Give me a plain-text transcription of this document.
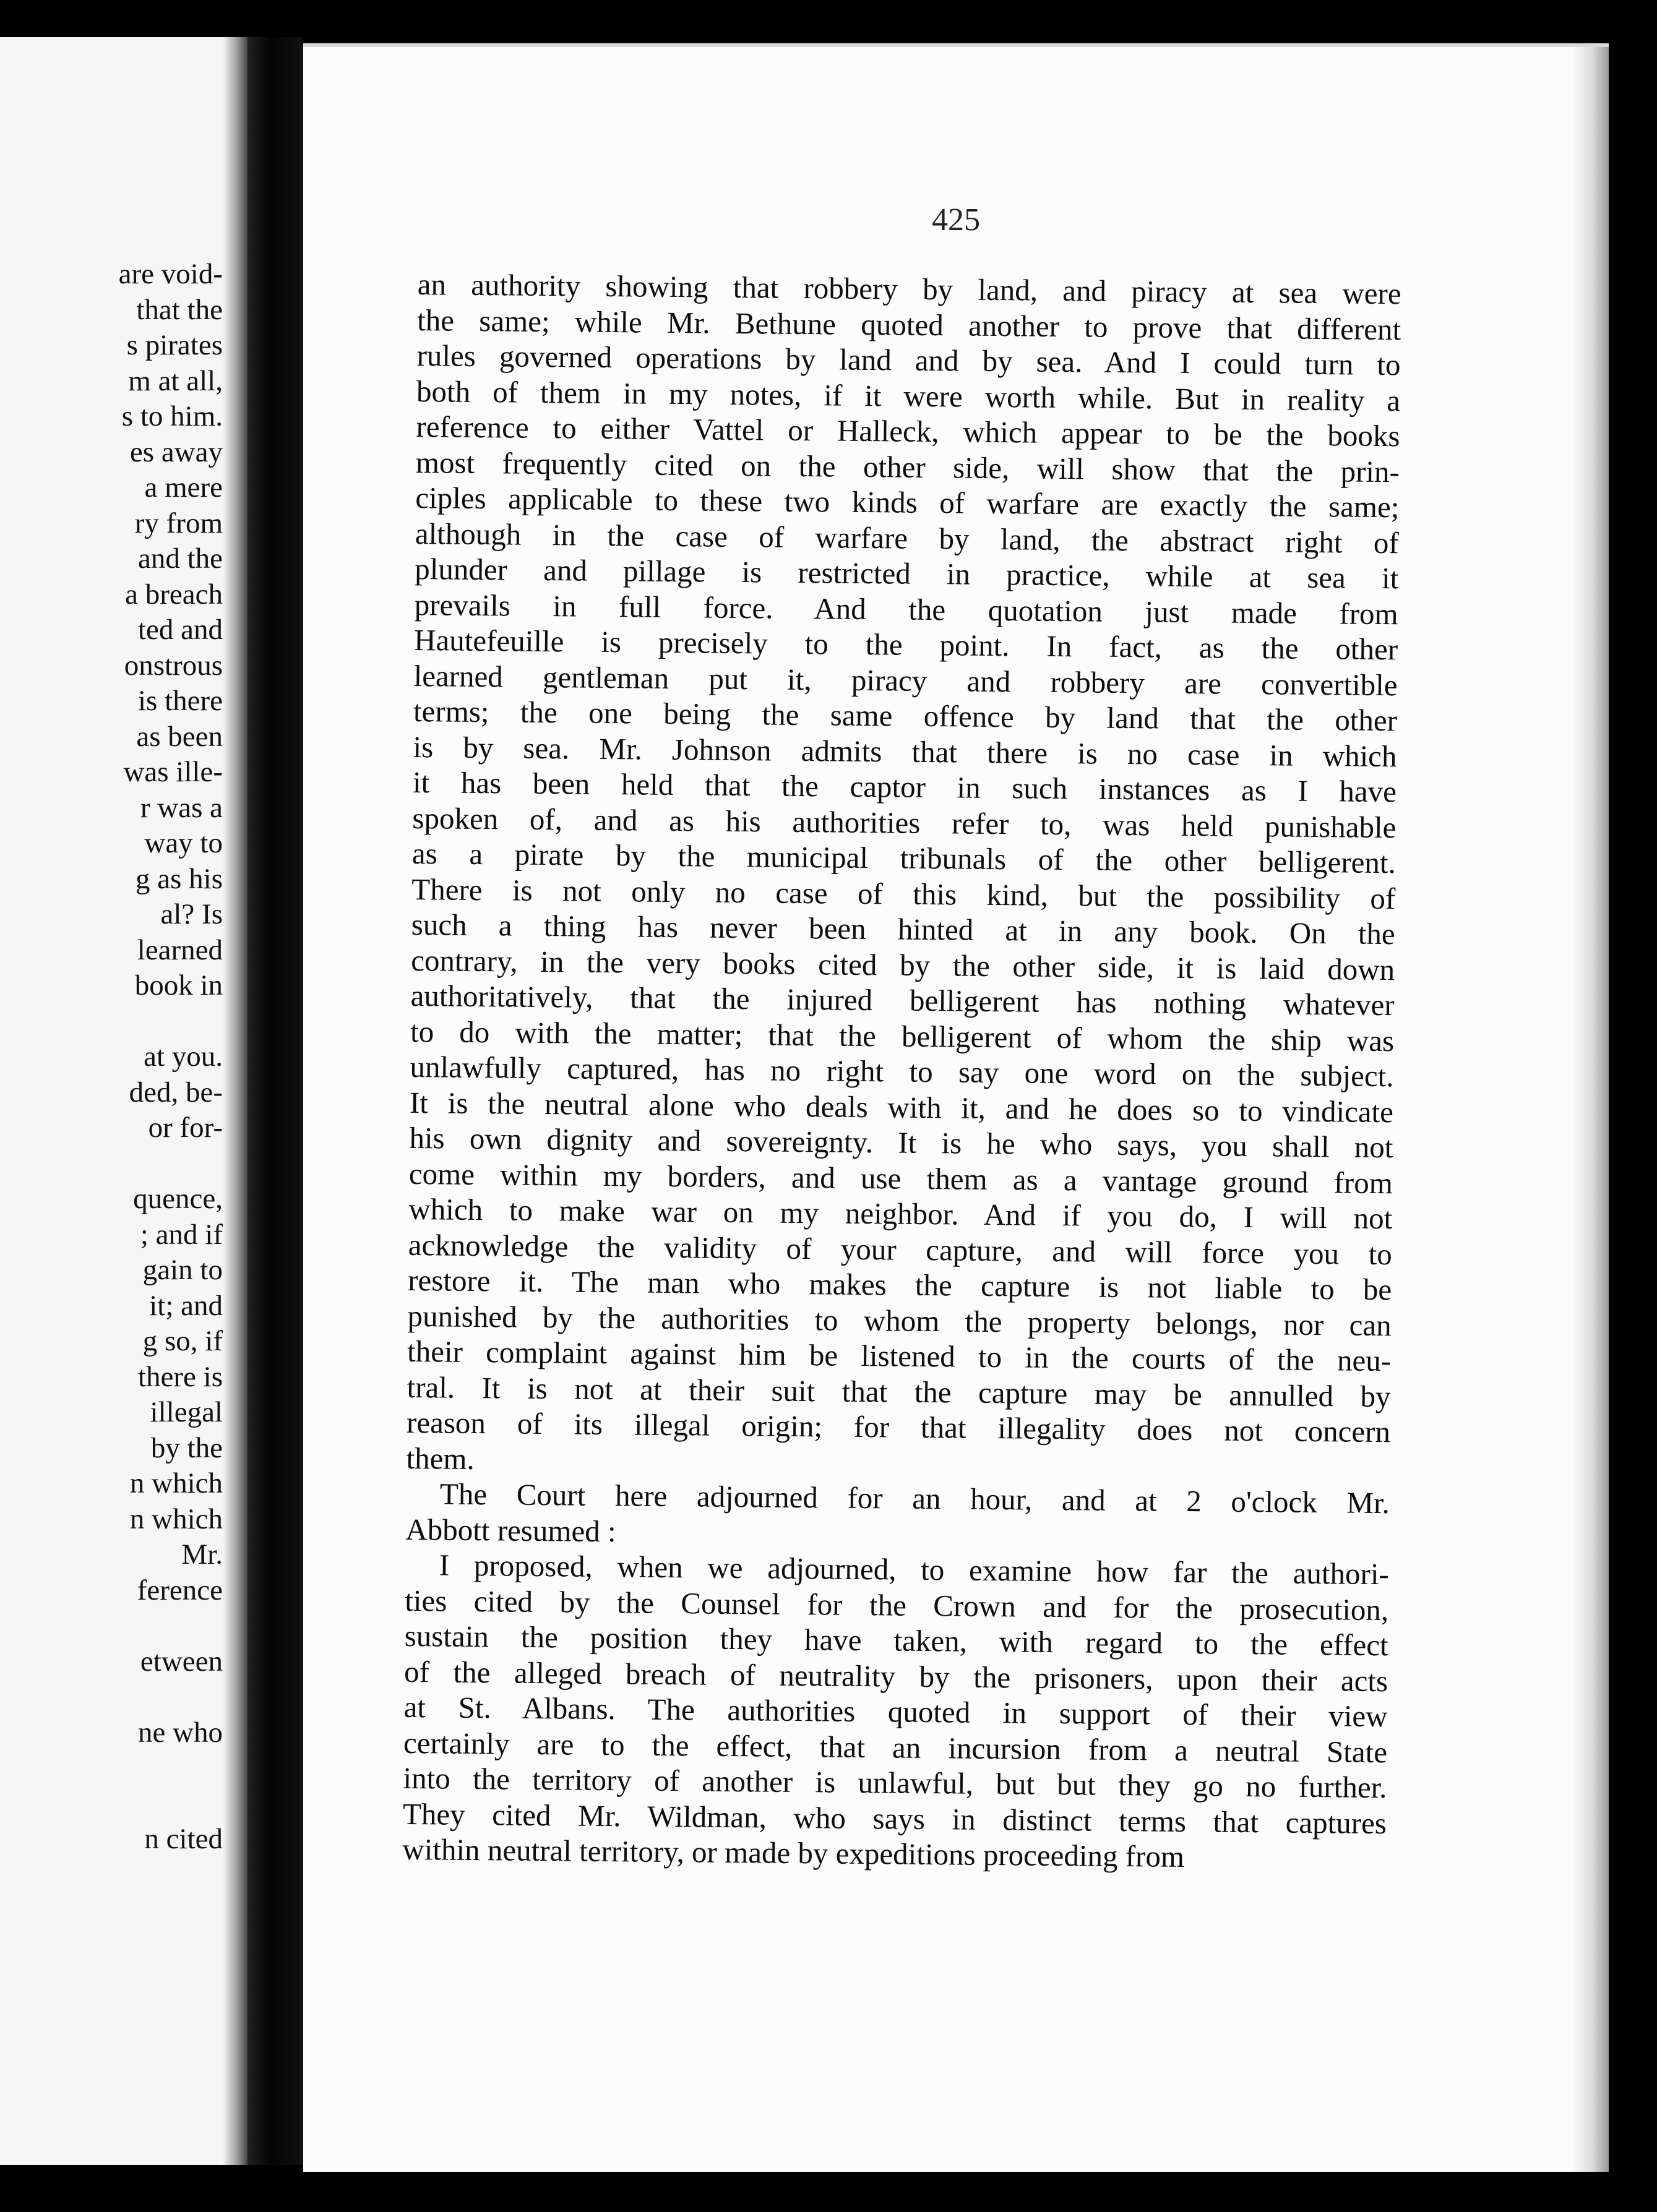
are void-
that the
s pirates
m at all,
s to him.
es away
a mere
ry from
and the
a breach
ted and
onstrous
is there
as been
was ille-
r was a
way to
g as his
al? Is
learned
book in
at you.
ded, be-
or for-
quence,
; and if
gain to
it; and
g so, if
there is
illegal
by the
n which
n which
Mr.
ference
etween
ne who
n cited
425
an authority showing that robbery by land, and piracy at sea were
the same; while Mr. Bethune quoted another to prove that different
rules governed operations by land and by sea. And I could turn to
both of them in my notes, if it were worth while. But in reality a
reference to either Vattel or Halleck, which appear to be the books
most frequently cited on the other side, will show that the prin-
ciples applicable to these two kinds of warfare are exactly the same;
although in the case of warfare by land, the abstract right of
plunder and pillage is restricted in practice, while at sea it
prevails in full force. And the quotation just made from
Hautefeuille is precisely to the point. In fact, as the other
learned gentleman put it, piracy and robbery are convertible
terms; the one being the same offence by land that the other
is by sea. Mr. Johnson admits that there is no case in which
it has been held that the captor in such instances as I have
spoken of, and as his authorities refer to, was held punishable
as a pirate by the municipal tribunals of the other belligerent.
There is not only no case of this kind, but the possibility of
such a thing has never been hinted at in any book. On the
contrary, in the very books cited by the other side, it is laid down
authoritatively, that the injured belligerent has nothing whatever
to do with the matter; that the belligerent of whom the ship was
unlawfully captured, has no right to say one word on the subject.
It is the neutral alone who deals with it, and he does so to vindicate
his own dignity and sovereignty. It is he who says, you shall not
come within my borders, and use them as a vantage ground from
which to make war on my neighbor. And if you do, I will not
acknowledge the validity of your capture, and will force you to
restore it. The man who makes the capture is not liable to be
punished by the authorities to whom the property belongs, nor can
their complaint against him be listened to in the courts of the neu-
tral. It is not at their suit that the capture may be annulled by
reason of its illegal origin; for that illegality does not concern
them.
The Court here adjourned for an hour, and at 2 o'clock Mr.
Abbott resumed :
I proposed, when we adjourned, to examine how far the authori-
ties cited by the Counsel for the Crown and for the prosecution,
sustain the position they have taken, with regard to the effect
of the alleged breach of neutrality by the prisoners, upon their acts
at St. Albans. The authorities quoted in support of their view
certainly are to the effect, that an incursion from a neutral State
into the territory of another is unlawful, but but they go no further.
They cited Mr. Wildman, who says in distinct terms that captures
within neutral territory, or made by expeditions proceeding from
